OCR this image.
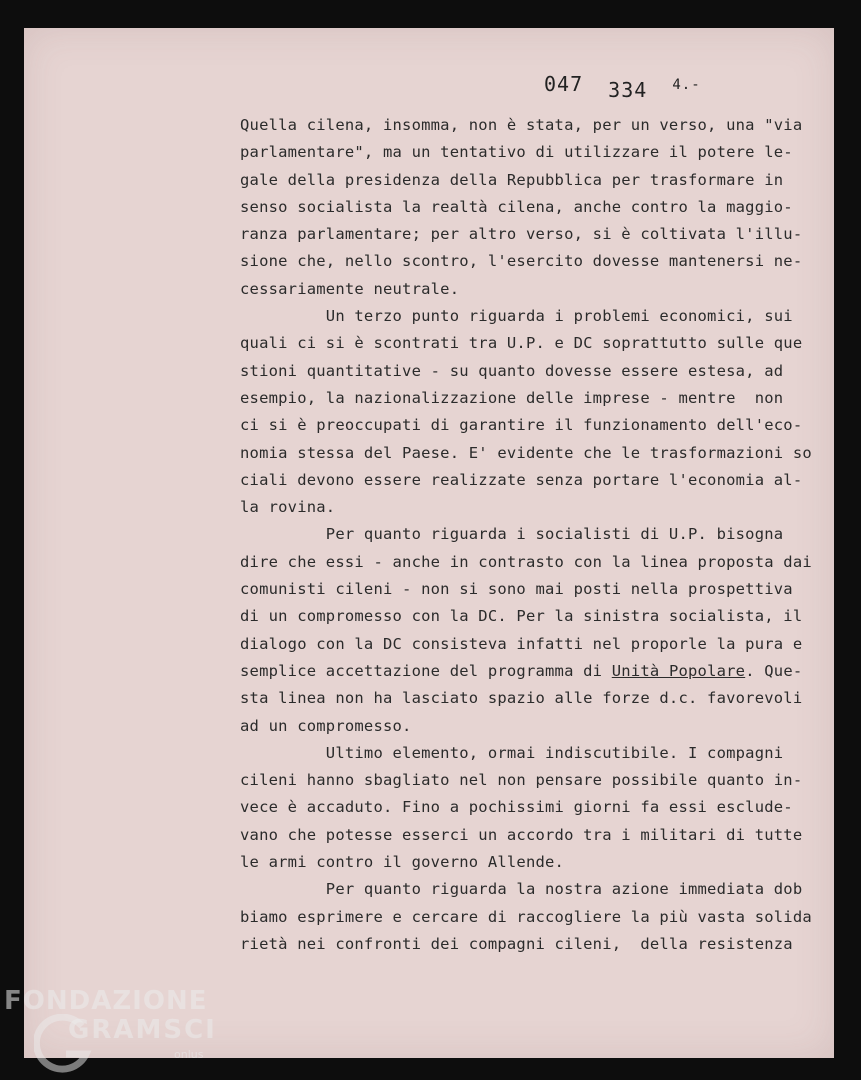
047 334 4.-
Quella cilena, insomma, non è stata, per un verso, una "via
parlamentare", ma un tentativo di utilizzare il potere le-
gale della presidenza della Repubblica per trasformare in
senso socialista la realtà cilena, anche contro la maggio-
ranza parlamentare; per altro verso, si è coltivata l'illu-
sione che, nello scontro, l'esercito dovesse mantenersi ne-
cessariamente neutrale.
Un terzo punto riguarda i problemi economici, sui
quali ci si è scontrati tra U.P. e DC soprattutto sulle que
stioni quantitative - su quanto dovesse essere estesa, ad
esempio, la nazionalizzazione delle imprese - mentre  non
ci si è preoccupati di garantire il funzionamento dell'eco-
nomia stessa del Paese. E' evidente che le trasformazioni so
ciali devono essere realizzate senza portare l'economia al-
la rovina.
Per quanto riguarda i socialisti di U.P. bisogna
dire che essi - anche in contrasto con la linea proposta dai
comunisti cileni - non si sono mai posti nella prospettiva
di un compromesso con la DC. Per la sinistra socialista, il
dialogo con la DC consisteva infatti nel proporle la pura e
semplice accettazione del programma di Unità Popolare. Que-
sta linea non ha lasciato spazio alle forze d.c. favorevoli
ad un compromesso.
Ultimo elemento, ormai indiscutibile. I compagni
cileni hanno sbagliato nel non pensare possibile quanto in-
vece è accaduto. Fino a pochissimi giorni fa essi esclude-
vano che potesse esserci un accordo tra i militari di tutte
le armi contro il governo Allende.
Per quanto riguarda la nostra azione immediata dob
biamo esprimere e cercare di raccogliere la più vasta solida
rietà nei confronti dei compagni cileni,  della resistenza
FONDAZIONE
GRAMSCI
onlus
